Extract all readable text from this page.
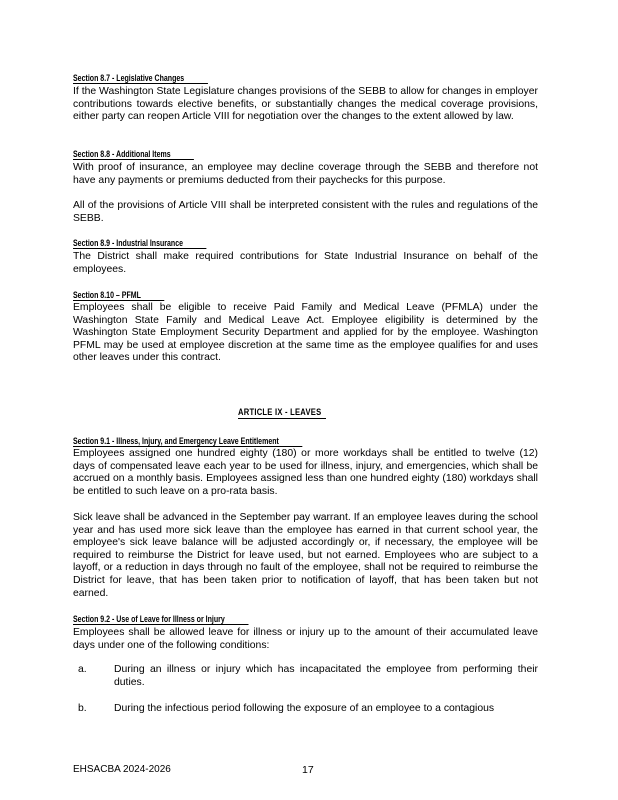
Section 8.7 - Legislative Changes
If the Washington State Legislature changes provisions of the SEBB to allow for changes in employer contributions towards elective benefits, or substantially changes the medical coverage provisions, either party can reopen Article VIII for negotiation over the changes to the extent allowed by law.
Section 8.8 - Additional Items
With proof of insurance, an employee may decline coverage through the SEBB and therefore not have any payments or premiums deducted from their paychecks for this purpose.
All of the provisions of Article VIII shall be interpreted consistent with the rules and regulations of the SEBB.
Section 8.9 - Industrial Insurance
The District shall make required contributions for State Industrial Insurance on behalf of the employees.
Section 8.10 – PFML
Employees shall be eligible to receive Paid Family and Medical Leave (PFMLA) under the Washington State Family and Medical Leave Act. Employee eligibility is determined by the Washington State Employment Security Department and applied for by the employee. Washington PFML may be used at employee discretion at the same time as the employee qualifies for and uses other leaves under this contract.
ARTICLE IX - LEAVES
Section 9.1 - Illness, Injury, and Emergency Leave Entitlement
Employees assigned one hundred eighty (180) or more workdays shall be entitled to twelve (12) days of compensated leave each year to be used for illness, injury, and emergencies, which shall be accrued on a monthly basis. Employees assigned less than one hundred eighty (180) workdays shall be entitled to such leave on a pro-rata basis.
Sick leave shall be advanced in the September pay warrant. If an employee leaves during the school year and has used more sick leave than the employee has earned in that current school year, the employee's sick leave balance will be adjusted accordingly or, if necessary, the employee will be required to reimburse the District for leave used, but not earned. Employees who are subject to a layoff, or a reduction in days through no fault of the employee, shall not be required to reimburse the District for leave, that has been taken prior to notification of layoff, that has been taken but not earned.
Section 9.2 - Use of Leave for Illness or Injury
Employees shall be allowed leave for illness or injury up to the amount of their accumulated leave days under one of the following conditions:
a.	During an illness or injury which has incapacitated the employee from performing their duties.
b.	During the infectious period following the exposure of an employee to a contagious
EHSACBA 2024-2026	17
